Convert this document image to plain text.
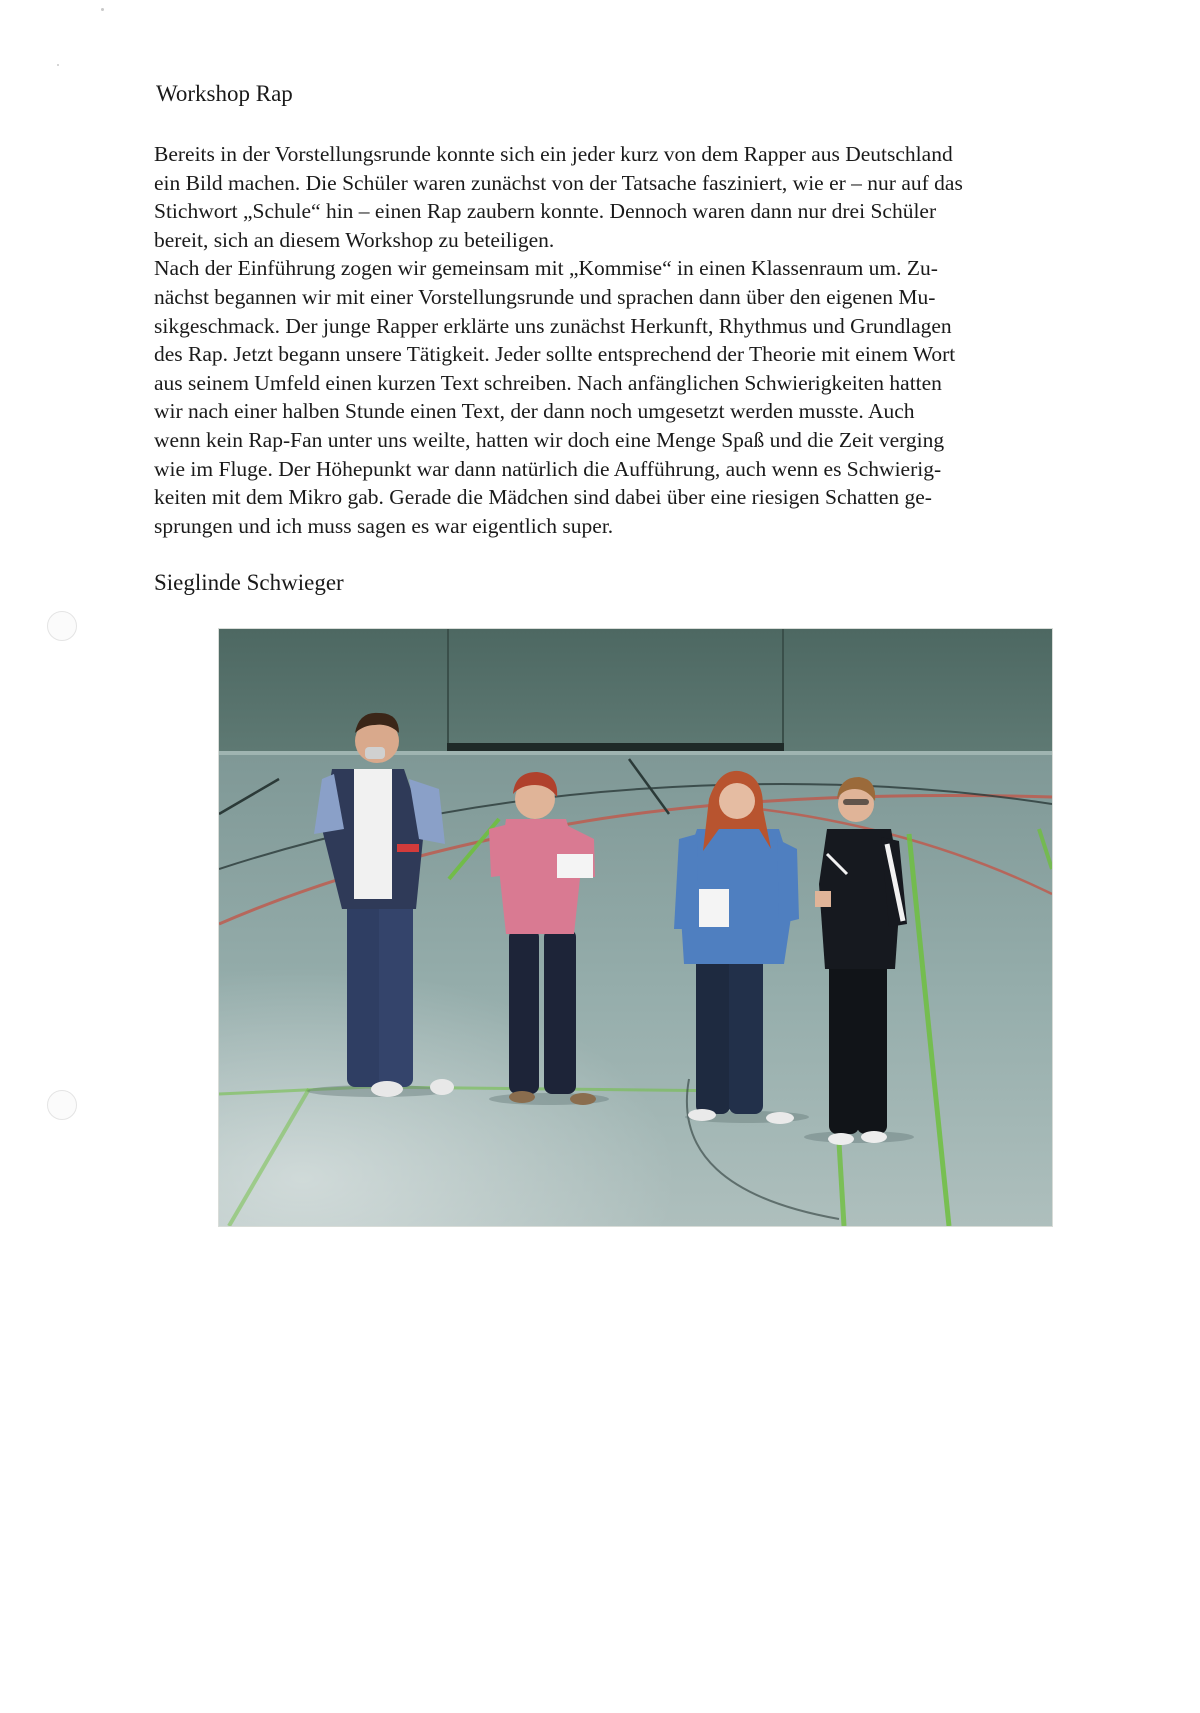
Workshop Rap
Bereits in der Vorstellungsrunde konnte sich ein jeder kurz von dem Rapper aus Deutschland
ein Bild machen. Die Schüler waren zunächst von der Tatsache fasziniert, wie er – nur auf das
Stichwort „Schule“ hin – einen Rap zaubern konnte. Dennoch waren dann nur drei Schüler
bereit, sich an diesem Workshop zu beteiligen.
Nach der Einführung zogen wir gemeinsam mit „Kommise“ in einen Klassenraum um. Zu-
nächst begannen wir mit einer Vorstellungsrunde und sprachen dann über den eigenen Mu-
sikgeschmack. Der junge Rapper erklärte uns zunächst Herkunft, Rhythmus und Grundlagen
des Rap. Jetzt begann unsere Tätigkeit. Jeder sollte entsprechend der Theorie mit einem Wort
aus seinem Umfeld einen kurzen Text schreiben. Nach anfänglichen Schwierigkeiten hatten
wir nach einer halben Stunde einen Text, der dann noch umgesetzt werden musste. Auch
wenn kein Rap-Fan unter uns weilte, hatten wir doch eine Menge Spaß und die Zeit verging
wie im Fluge. Der Höhepunkt war dann natürlich die Aufführung, auch wenn es Schwierig-
keiten mit dem Mikro gab. Gerade die Mädchen sind dabei über eine riesigen Schatten ge-
sprungen und ich muss sagen es war eigentlich super.
Sieglinde Schwieger
